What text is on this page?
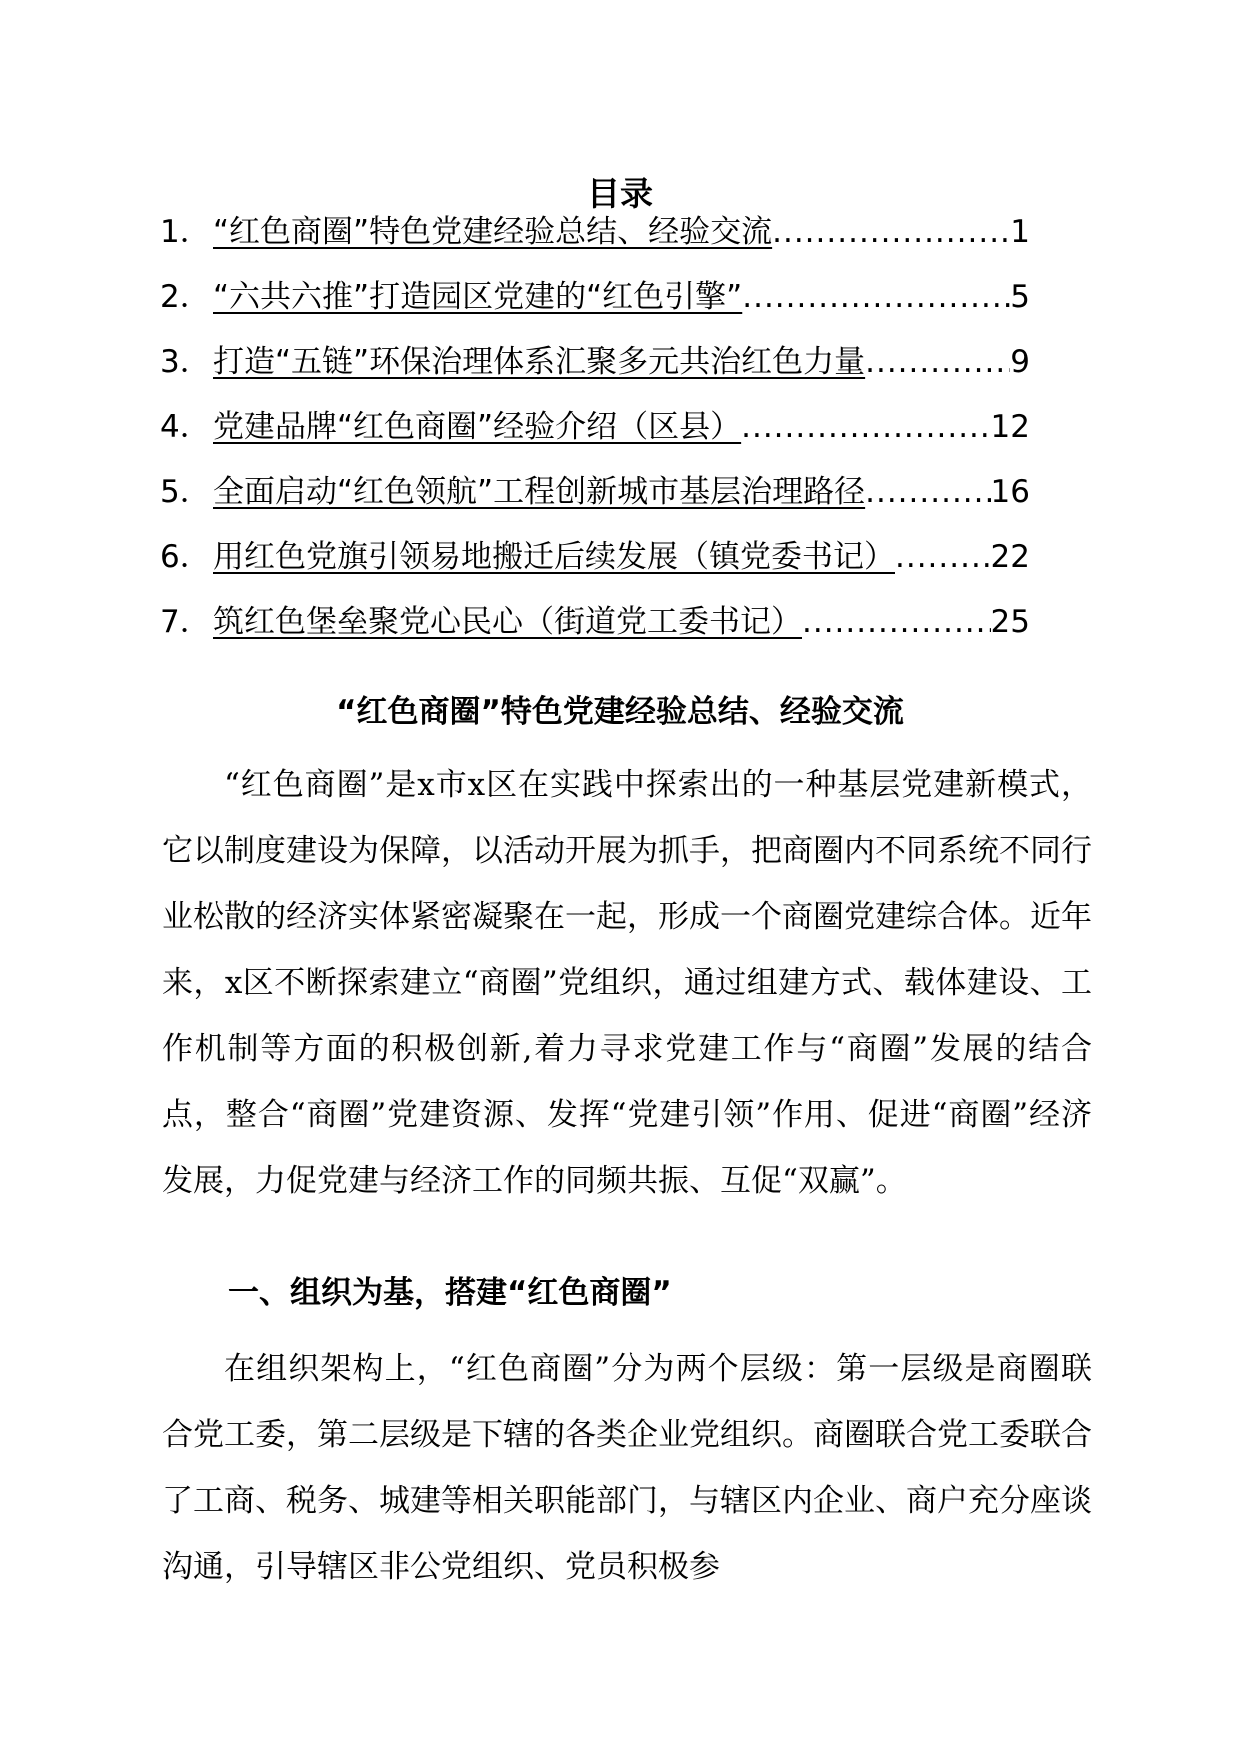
目录
1． “红色商圈”特色党建经验总结、经验交流 .....	1
2． “六共六推”打造园区党建的“红色引擎” .....	5
3． 打造“五链”环保治理体系汇聚多元共治红色力量 .....	9
4． 党建品牌“红色商圈”经验介绍（区县） .....	12
5． 全面启动“红色领航”工程创新城市基层治理路径 .....	16
6． 用红色党旗引领易地搬迁后续发展（镇党委书记） .....	22
7． 筑红色堡垒聚党心民心（街道党工委书记） .....	25
“红色商圈”特色党建经验总结、经验交流

“红色商圈”是x市x区在实践中探索出的一种基层党建新模式，它以制度建设为保障，以活动开展为抓手，把商圈内不同系统不同行业松散的经济实体紧密凝聚在一起，形成一个商圈党建综合体。近年来，x区不断探索建立“商圈”党组织，通过组建方式、载体建设、工作机制等方面的积极创新,着力寻求党建工作与“商圈”发展的结合点，整合“商圈”党建资源、发挥“党建引领”作用、促进“商圈”经济发展，力促党建与经济工作的同频共振、互促“双赢”。

一、组织为基，搭建“红色商圈”

在组织架构上，“红色商圈”分为两个层级：第一层级是商圈联合党工委，第二层级是下辖的各类企业党组织。商圈联合党工委联合了工商、税务、城建等相关职能部门，与辖区内企业、商户充分座谈沟通，引导辖区非公党组织、党员积极参
